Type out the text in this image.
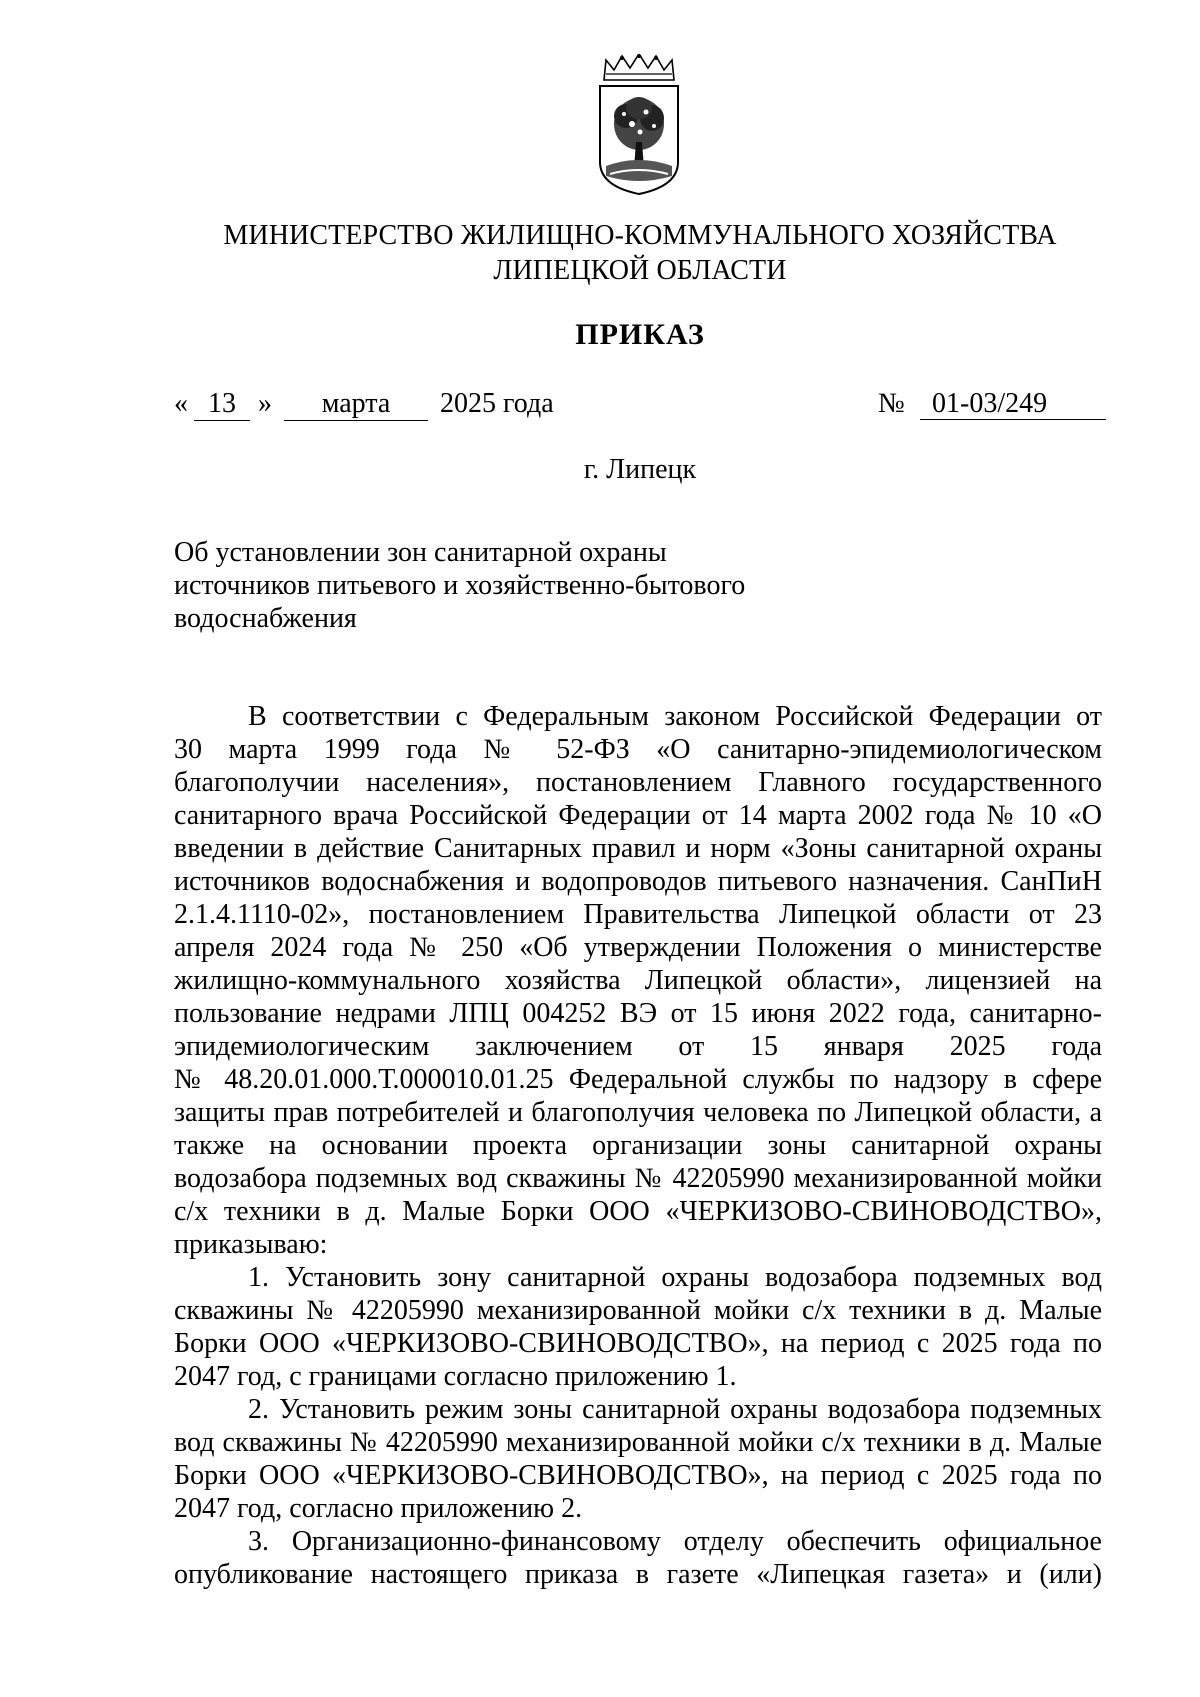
МИНИСТЕРСТВО ЖИЛИЩНО-КОММУНАЛЬНОГО ХОЗЯЙСТВА
ЛИПЕЦКОЙ ОБЛАСТИ
ПРИКАЗ
« 13 »	марта	2025 года	№ 01-03/249
г. Липецк
Об установлении зон санитарной охраны
источников питьевого и хозяйственно-бытового
водоснабжения
В соответствии с Федеральным законом Российской Федерации от
30 марта 1999 года № 52-ФЗ «О санитарно-эпидемиологическом
благополучии населения», постановлением Главного государственного
санитарного врача Российской Федерации от 14 марта 2002 года № 10 «О
введении в действие Санитарных правил и норм «Зоны санитарной охраны
источников водоснабжения и водопроводов питьевого назначения. СанПиН
2.1.4.1110-02», постановлением Правительства Липецкой области от 23
апреля 2024 года № 250 «Об утверждении Положения о министерстве
жилищно-коммунального хозяйства Липецкой области», лицензией на
пользование недрами ЛПЦ 004252 ВЭ от 15 июня 2022 года, санитарно-
эпидемиологическим заключением от 15 января 2025 года
№ 48.20.01.000.Т.000010.01.25 Федеральной службы по надзору в сфере
защиты прав потребителей и благополучия человека по Липецкой области, а
также на основании проекта организации зоны санитарной охраны
водозабора подземных вод скважины № 42205990 механизированной мойки
с/х техники в д. Малые Борки ООО «ЧЕРКИЗОВО-СВИНОВОДСТВО»,
приказываю:
1. Установить зону санитарной охраны водозабора подземных вод
скважины № 42205990 механизированной мойки с/х техники в д. Малые
Борки ООО «ЧЕРКИЗОВО-СВИНОВОДСТВО», на период с 2025 года по
2047 год, с границами согласно приложению 1.
2. Установить режим зоны санитарной охраны водозабора подземных
вод скважины № 42205990 механизированной мойки с/х техники в д. Малые
Борки ООО «ЧЕРКИЗОВО-СВИНОВОДСТВО», на период с 2025 года по
2047 год, согласно приложению 2.
3. Организационно-финансовому отделу обеспечить официальное
опубликование настоящего приказа в газете «Липецкая газета» и (или)
